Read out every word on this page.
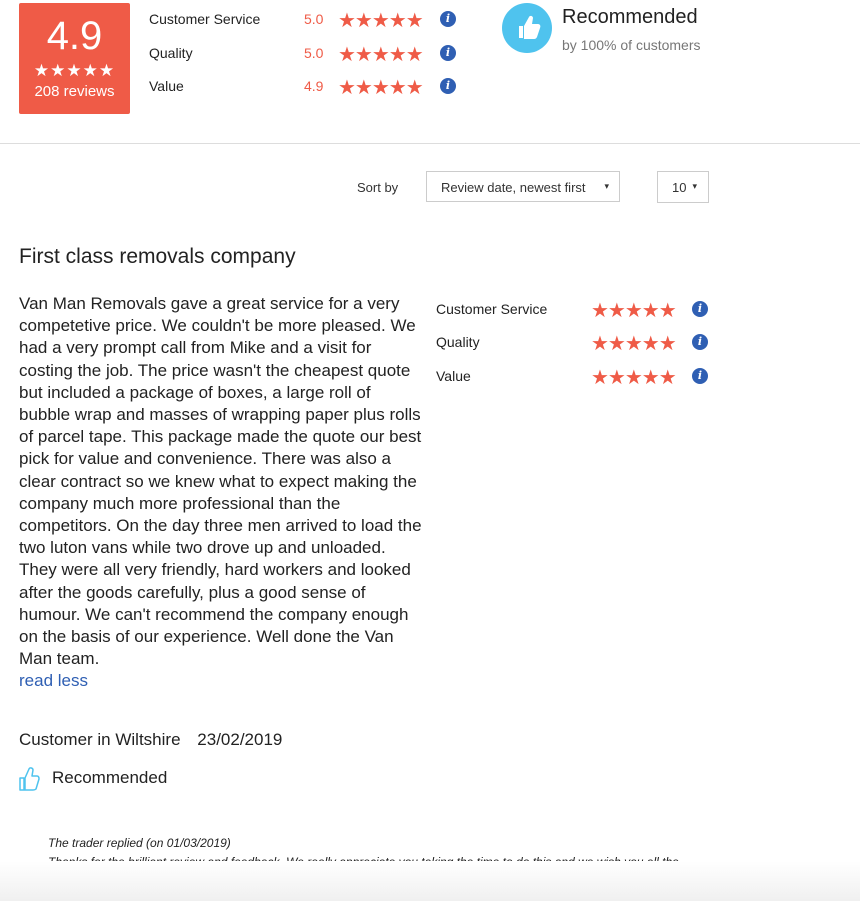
4.9
★★★★★
208 reviews
Customer Service	5.0 ★★★★★	i
Quality	5.0 ★★★★★	i
Value	4.9 ★★★★★	i
Recommended
by 100% of customers
Sort by	Review date, newest first ▾	10 ▾
First class removals company

Van Man Removals gave a great service for a very competetive price. We couldn't be more pleased. We had a very prompt call from Mike and a visit for costing the job. The price wasn't the cheapest quote but included a package of boxes, a large roll of bubble wrap and masses of wrapping paper plus rolls of parcel tape. This package made the quote our best pick for value and convenience. There was also a clear contract so we knew what to expect making the company much more professional than the competitors. On the day three men arrived to load the two luton vans while two drove up and unloaded. They were all very friendly, hard workers and looked after the goods carefully, plus a good sense of humour. We can't recommend the company enough on the basis of our experience. Well done the Van Man team.
read less

Customer Service ★★★★★	i
Quality	★★★★★	i
Value	★★★★★	i
Customer in Wiltshire 23/02/2019
Recommended
The trader replied (on 01/03/2019)
